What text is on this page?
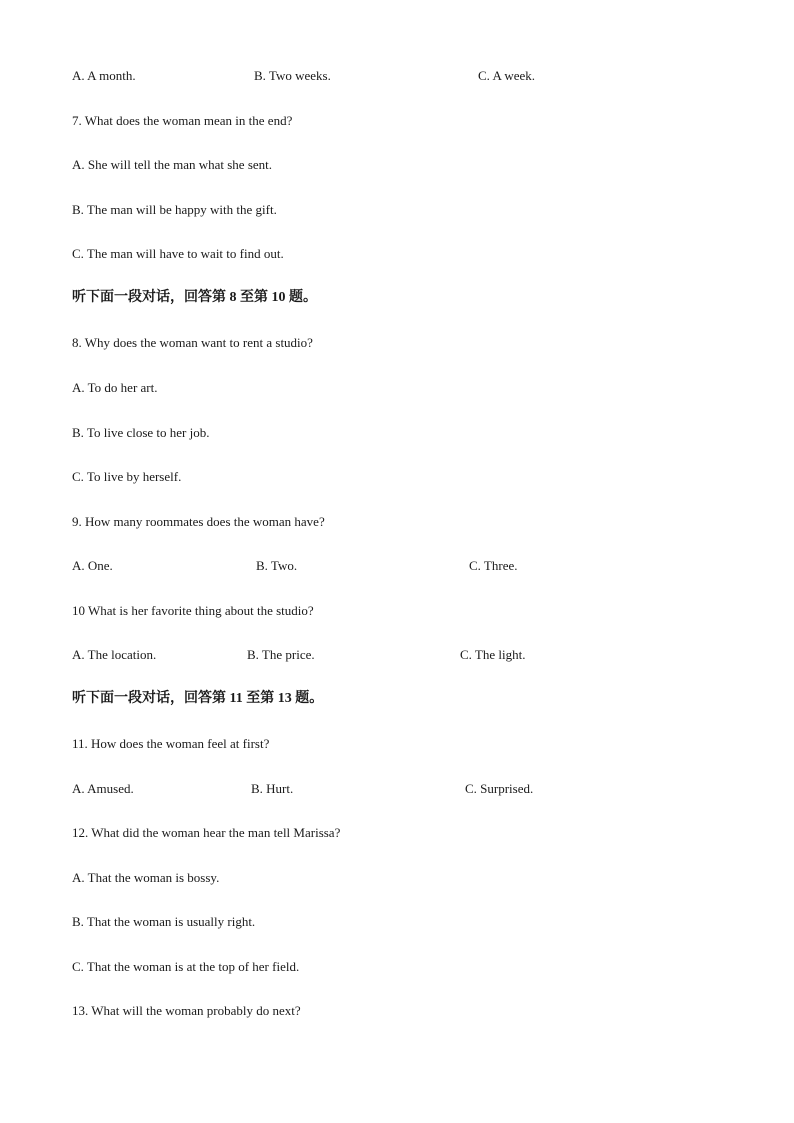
A. A month.	B. Two weeks.	C. A week.
7. What does the woman mean in the end?
A. She will tell the man what she sent.
B. The man will be happy with the gift.
C. The man will have to wait to find out.
听下面一段对话，回答第 8 至第 10 题。
8. Why does the woman want to rent a studio?
A. To do her art.
B. To live close to her job.
C. To live by herself.
9. How many roommates does the woman have?
A. One.	B. Two.	C. Three.
10 What is her favorite thing about the studio?
A. The location.	B. The price.	C. The light.
听下面一段对话，回答第 11 至第 13 题。
11. How does the woman feel at first?
A. Amused.	B. Hurt.	C. Surprised.
12. What did the woman hear the man tell Marissa?
A. That the woman is bossy.
B. That the woman is usually right.
C. That the woman is at the top of her field.
13. What will the woman probably do next?
